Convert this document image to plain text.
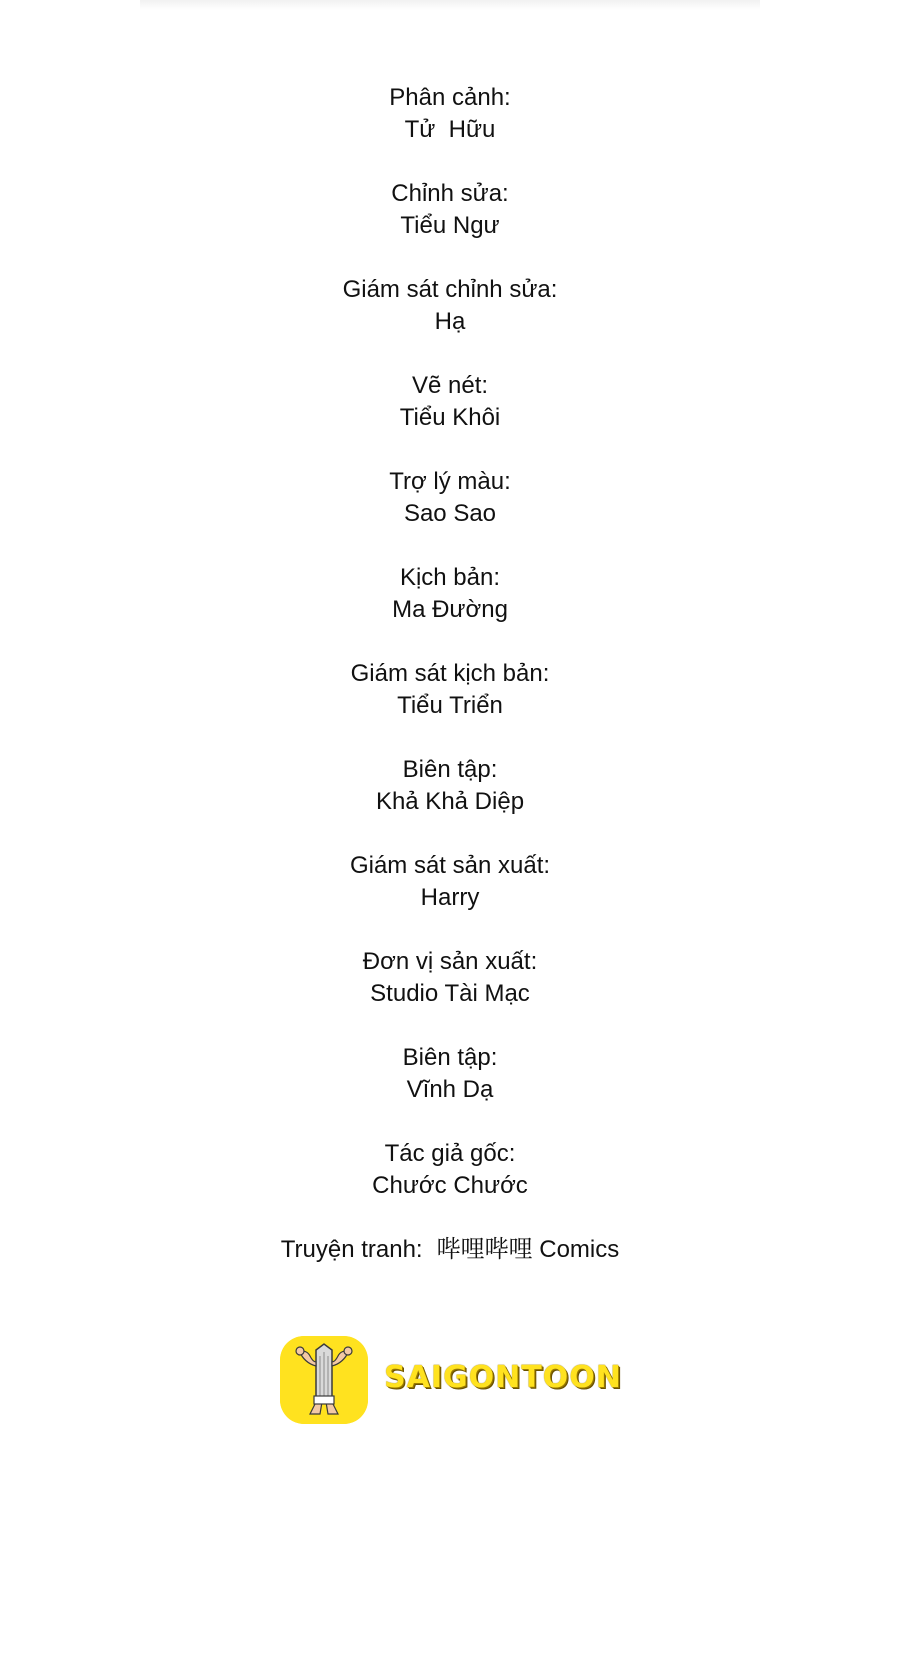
Phân cảnh:
Tử  Hữu
Chỉnh sửa:
Tiểu Ngư
Giám sát chỉnh sửa:
Hạ
Vẽ nét:
Tiểu Khôi
Trợ lý màu:
Sao Sao
Kịch bản:
Ma Đường
Giám sát kịch bản:
Tiểu Triển
Biên tập:
Khả Khả Diệp
Giám sát sản xuất:
Harry
Đơn vị sản xuất:
Studio Tài Mạc
Biên tập:
Vĩnh Dạ
Tác giả gốc:
Chước Chước

Truyện tranh: 哔哩哔哩 Comics

SAIGONTOON
